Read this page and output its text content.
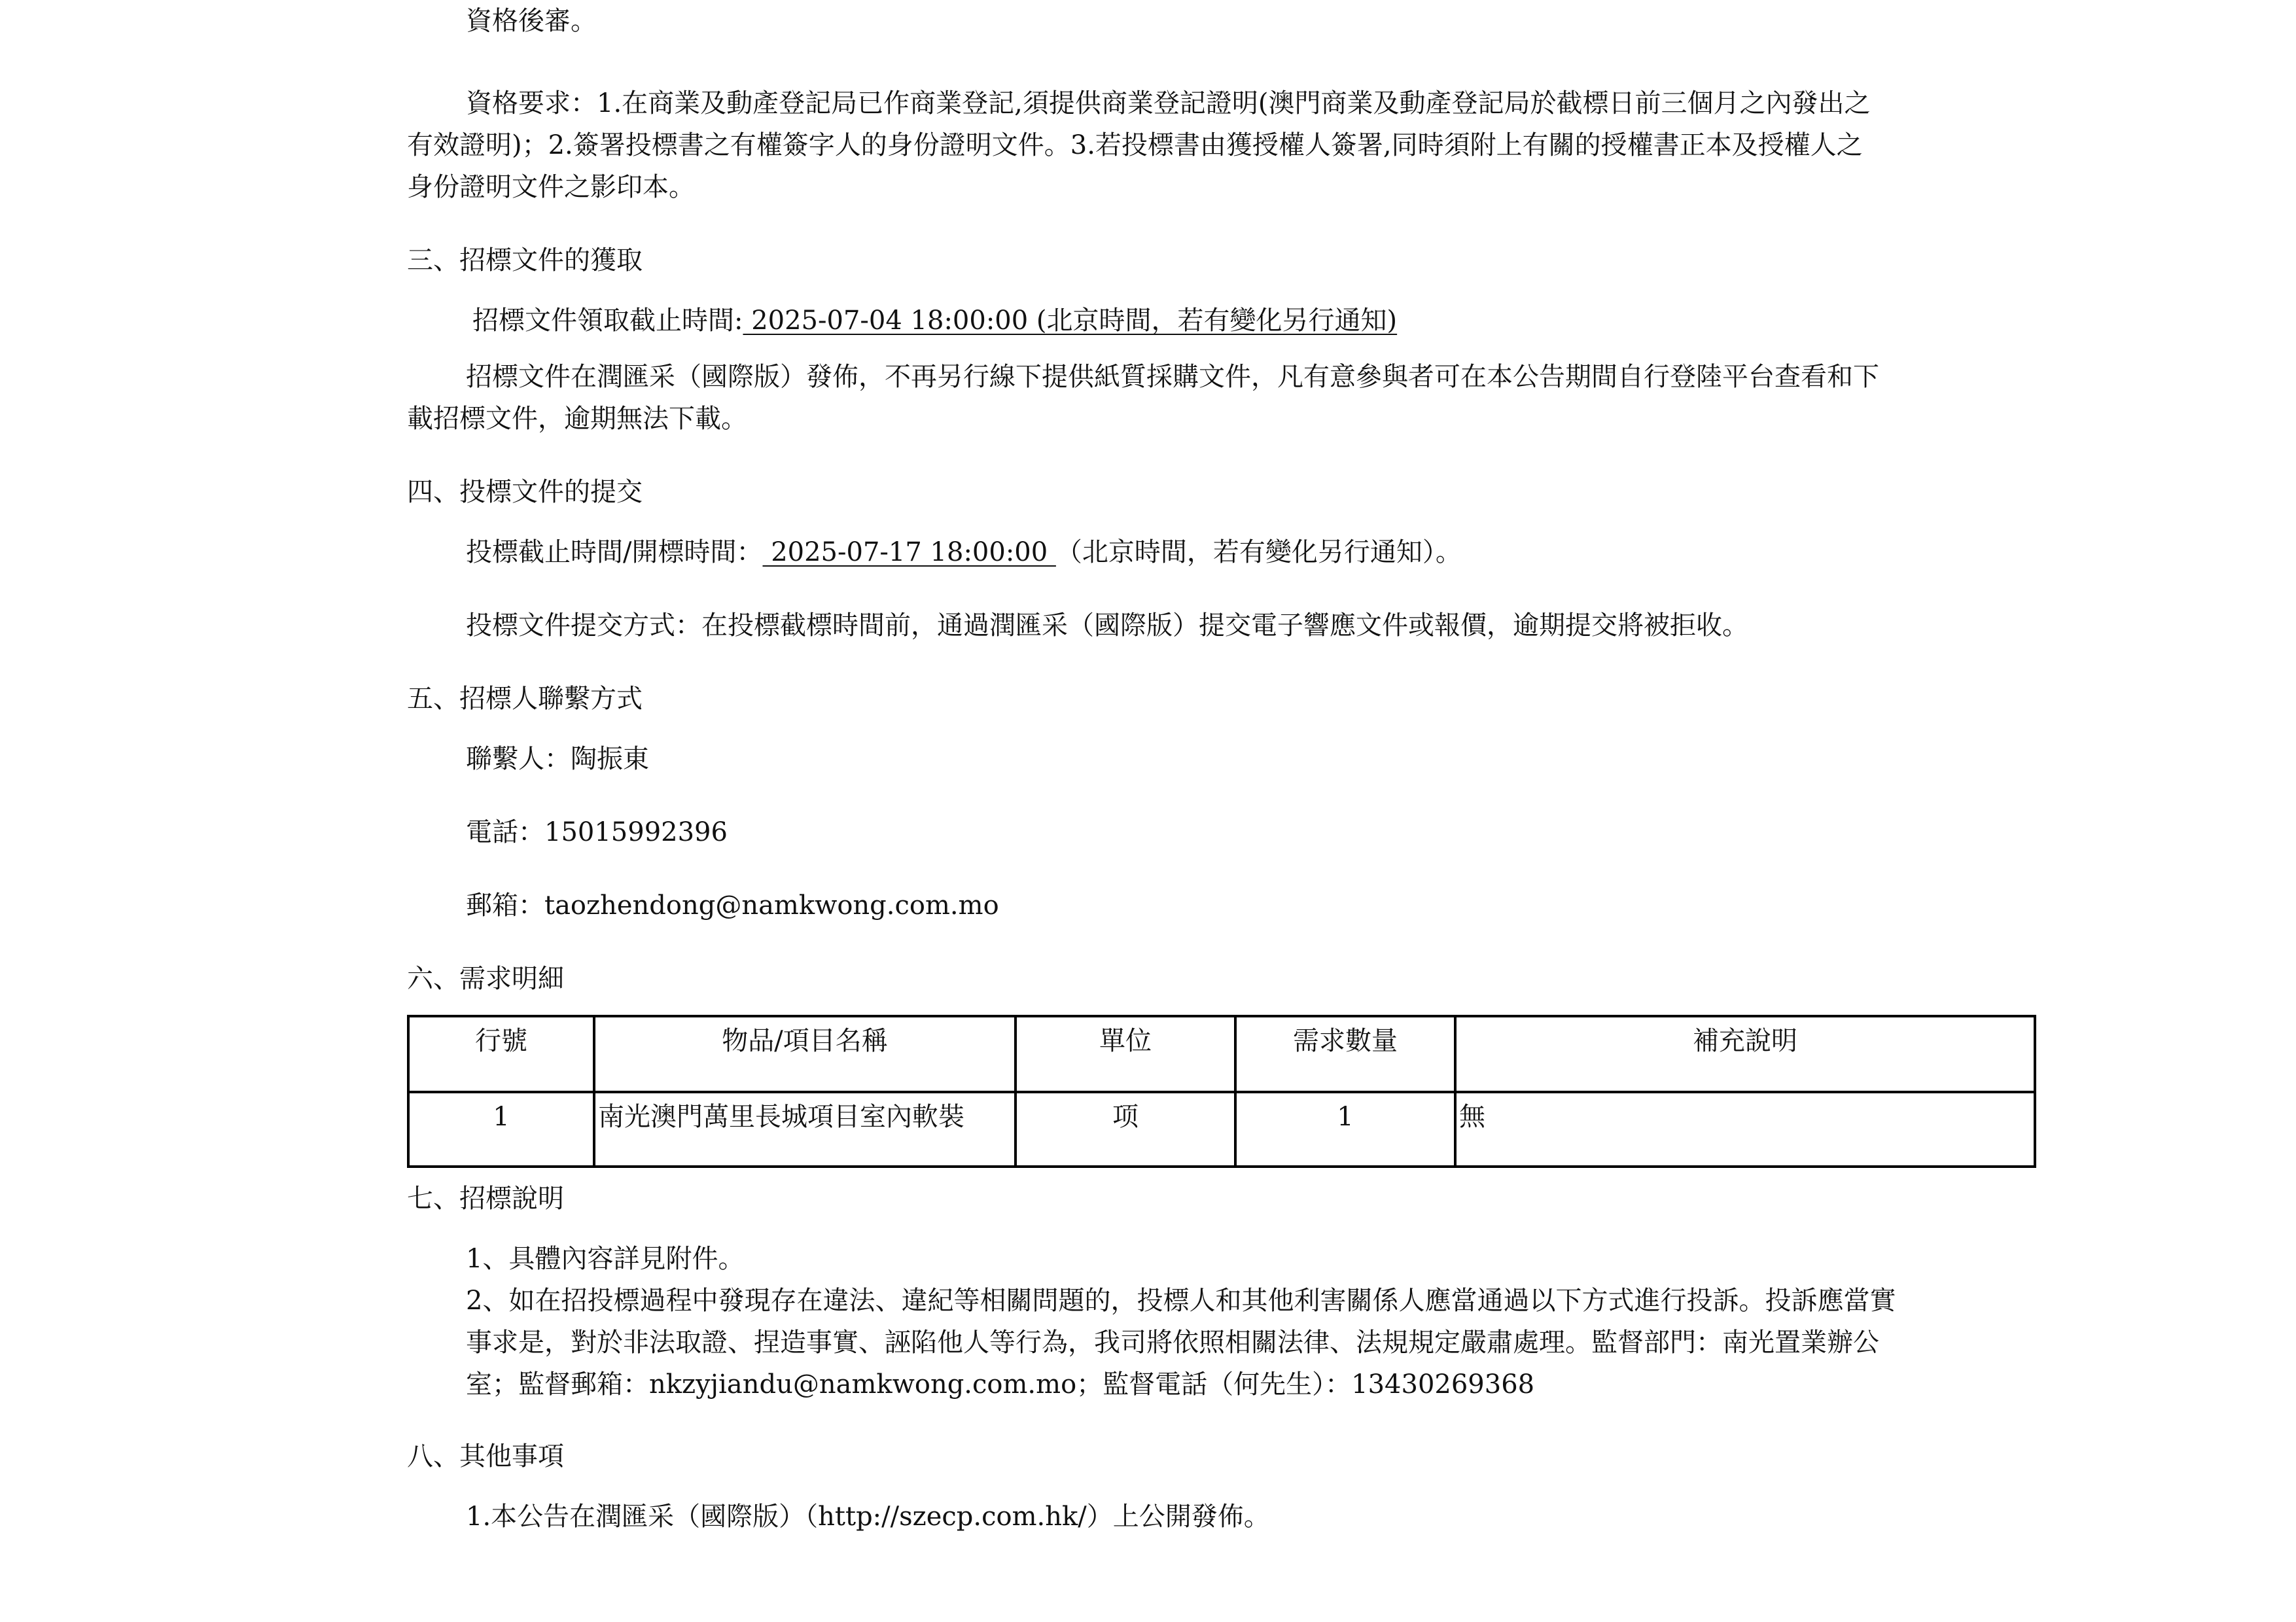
資格後審。

資格要求：1.在商業及動產登記局已作商業登記,須提供商業登記證明(澳門商業及動產登記局於截標日前三個月之內發出之

有效證明)；2.簽署投標書之有權簽字人的身份證明文件。3.若投標書由獲授權人簽署,同時須附上有關的授權書正本及授權人之

身份證明文件之影印本。

三、招標文件的獲取

招標文件領取截止時間: 2025-07-04 18:00:00 (北京時間，若有變化另行通知)

招標文件在潤匯采（國際版）發佈，不再另行線下提供紙質採購文件，凡有意參與者可在本公告期間自行登陸平台查看和下

載招標文件，逾期無法下載。

四、投標文件的提交

投標截止時間/開標時間： 2025-07-17 18:00:00 （北京時間，若有變化另行通知）。

投標文件提交方式：在投標截標時間前，通過潤匯采（國際版）提交電子響應文件或報價，逾期提交將被拒收。

五、招標人聯繫方式

聯繫人：陶振東

電話：15015992396

郵箱：taozhendong@namkwong.com.mo

六、需求明細

行號	物品/項目名稱	單位	需求數量	補充說明
1	南光澳門萬里長城項目室內軟裝	项	1	無

七、招標說明

1、具體內容詳見附件。

2、如在招投標過程中發現存在違法、違紀等相關問題的，投標人和其他利害關係人應當通過以下方式進行投訴。投訴應當實

事求是，對於非法取證、捏造事實、誣陷他人等行為，我司將依照相關法律、法規規定嚴肅處理。監督部門：南光置業辦公

室；監督郵箱：nkzyjiandu@namkwong.com.mo；監督電話（何先生）：13430269368

八、其他事項

1.本公告在潤匯采（國際版）（http://szecp.com.hk/）上公開發佈。
